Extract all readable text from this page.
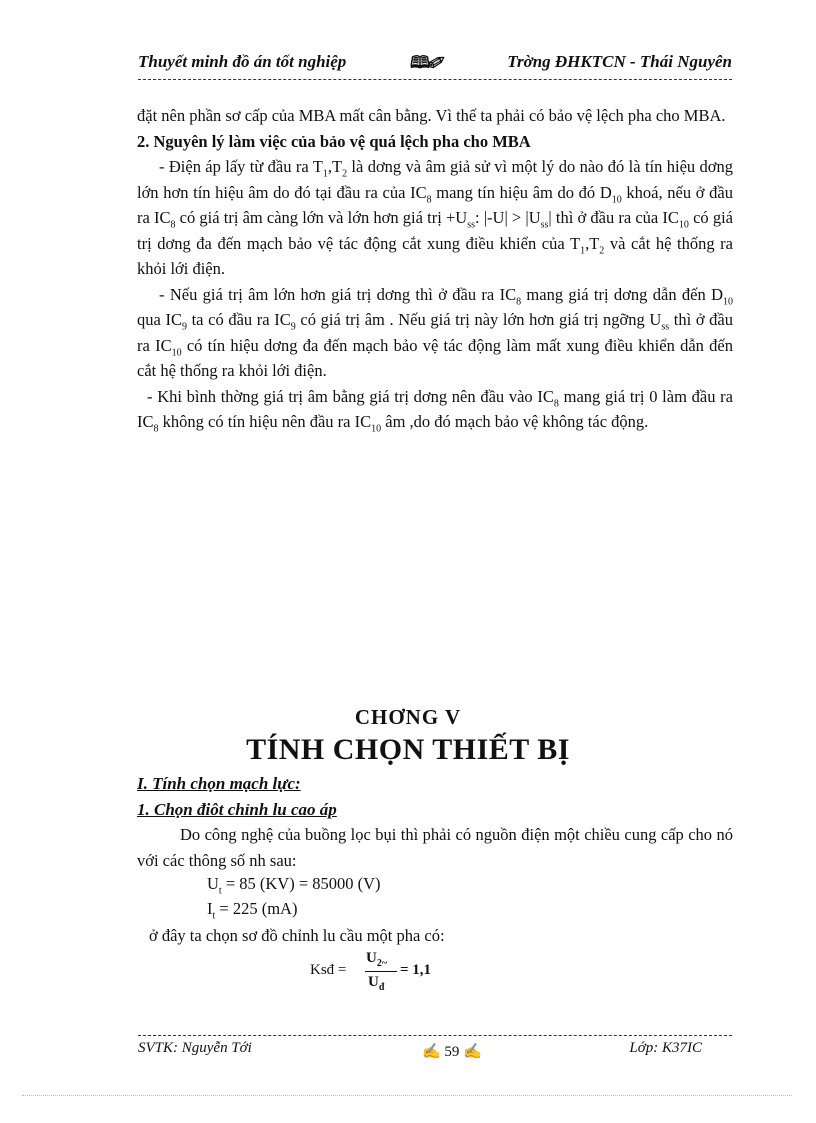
Thuyết minh đồ án tốt nghiệp	🕮✐	Trờng ĐHKTCN - Thái Nguyên

đặt nên phần sơ cấp của MBA mất cân bằng. Vì thế ta phải có bảo vệ lệch pha cho MBA.

2. Nguyên lý làm việc của bảo vệ quá lệch pha cho MBA

- Điện áp lấy từ đầu ra $T_1,T_2$ là dơng và âm giả sử vì một lý do nào đó là tín hiệu dơng lớn hơn tín hiệu âm do đó tại đầu ra của $IC_8$ mang tín hiệu âm do đó $D_{10}$ khoá, nếu ở đầu ra $IC_8$ có giá trị âm càng lớn và lớn hơn giá trị $+U_{ss}$: $|-U| > |U_{ss}|$ thì ở đầu ra của $IC_{10}$ có giá trị dơng đa đến mạch bảo vệ tác động cắt xung điều khiển của $T_1,T_2$ và cắt hệ thống ra khỏi lới điện.

- Nếu giá trị âm lớn hơn giá trị dơng thì ở đầu ra $IC_8$ mang giá trị dơng dẫn đến $D_{10}$ qua $IC_9$ ta có đầu ra $IC_9$ có giá trị âm . Nếu giá trị này lớn hơn giá trị ngỡng $U_{ss}$ thì ở đầu ra $IC_{10}$ có tín hiệu dơng đa đến mạch bảo vệ tác động làm mất xung điều khiển dẫn đến cắt hệ thống ra khỏi lới điện.

- Khi bình thờng giá trị âm bằng giá trị dơng nên đầu vào $IC_8$ mang giá trị 0 làm đầu ra $IC_8$ không có tín hiệu nên đầu ra $IC_{10}$ âm ,do đó mạch bảo vệ không tác động.

CHƠNG V
TÍNH CHỌN THIẾT BỊ
I. Tính chọn mạch lực:
1. Chọn điôt chỉnh lu cao áp

Do công nghệ của buồng lọc bụi thì phải có nguồn điện một chiều cung cấp cho nó với các thông số nh sau:

$U_t = 85$ (KV) = 85000 (V)
$I_t = 225$ (mA)
ở đây ta chọn sơ đồ chỉnh lu cầu một pha có:
Ksđ =
$U_{2\sim}$
$U_đ$
= 1,1
SVTK: Nguyễn Tới	✍ 59 ✍	Lớp: K37IC
